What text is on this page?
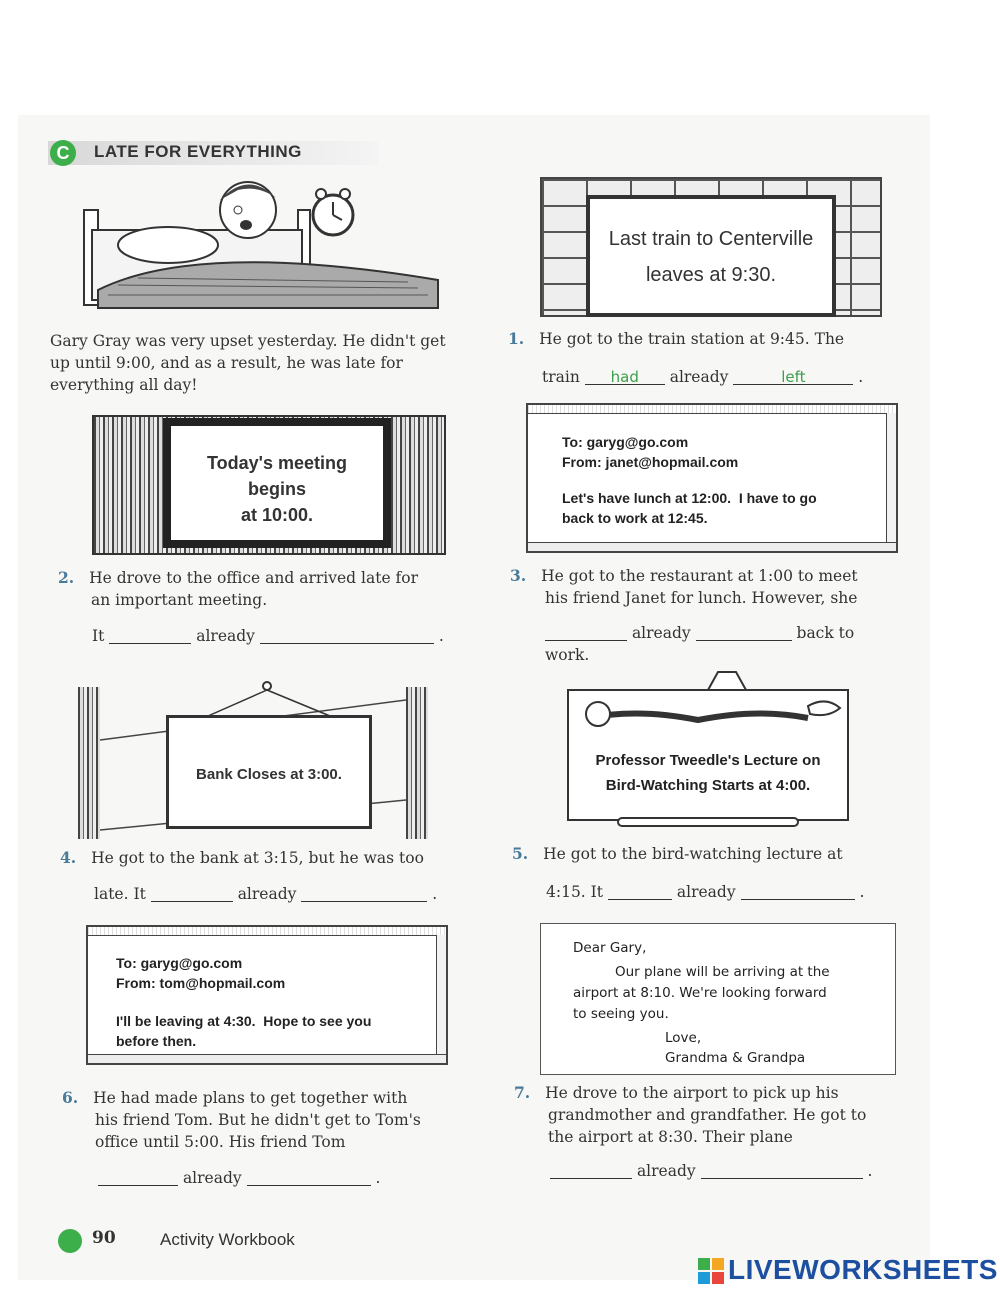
C	LATE FOR EVERYTHING
Gary Gray was very upset yesterday. He didn't get up until 9:00, and as a result, he was late for everything all day!
Last train to Centerville
leaves at 9:30.
1. He got to the train station at 9:45. The
train had	already left	.
Today's meeting
begins
at 10:00.
To: garyg@go.com
From: janet@hopmail.com
Let's have lunch at 12:00.  I have to go
back to work at 12:45.
2. He drove to the office and arrived late for
an important meeting.
It	already	.
3. He got to the restaurant at 1:00 to meet
his friend Janet for lunch. However, she
already	back to
work.
Bank Closes at 3:00.
Professor Tweedle's Lecture on
Bird-Watching Starts at 4:00.
4. He got to the bank at 3:15, but he was too
late. It	already	.
5. He got to the bird-watching lecture at
4:15. It	already	.
To: garyg@go.com
From: tom@hopmail.com
I'll be leaving at 4:30.  Hope to see you
before then.
Dear Gary,
Our plane will be arriving at the
airport at 8:10. We're looking forward
to seeing you.
Love,
Grandma & Grandpa
6. He had made plans to get together with
his friend Tom. But he didn't get to Tom's
office until 5:00. His friend Tom
already	.
7. He drove to the airport to pick up his
grandmother and grandfather. He got to
the airport at 8:30. Their plane
already	.
90	Activity Workbook
LIVEWORKSHEETS
